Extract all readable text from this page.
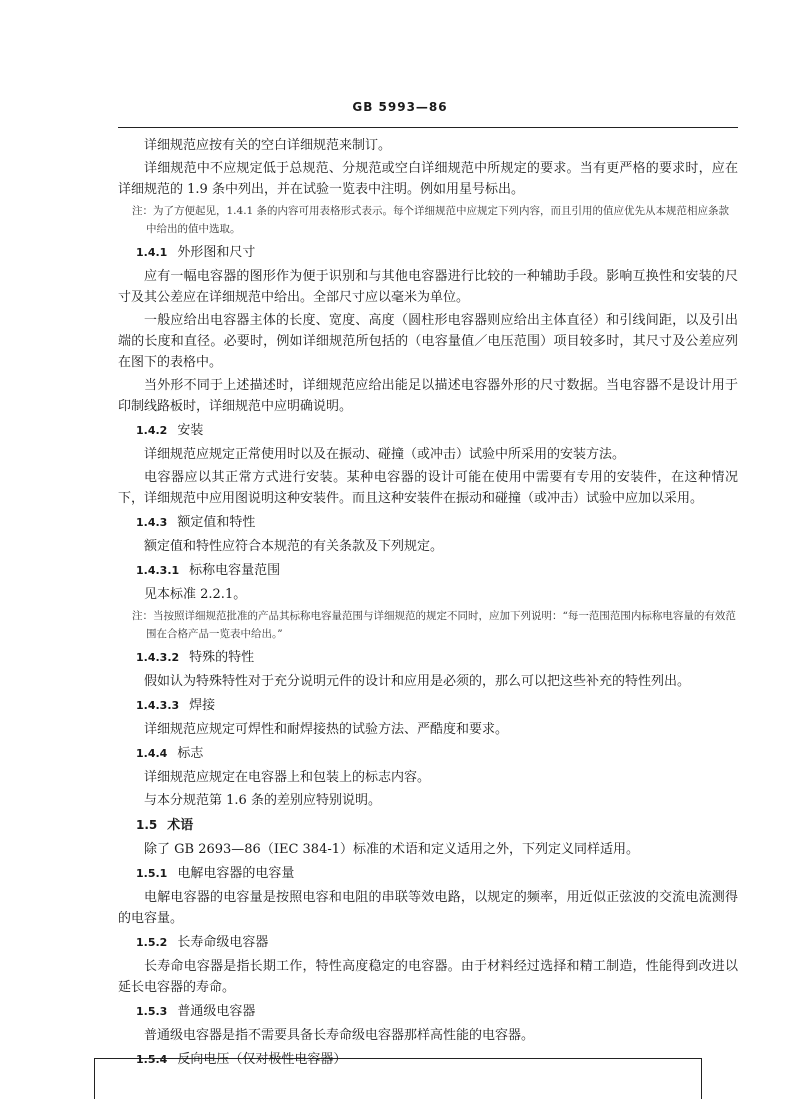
GB 5993—86

详细规范应按有关的空白详细规范来制订。

详细规范中不应规定低于总规范、分规范或空白详细规范中所规定的要求。当有更严格的要求时，应在详细规范的 1.9 条中列出，并在试验一览表中注明。例如用星号标出。

注：为了方便起见，1.4.1 条的内容可用表格形式表示。每个详细规范中应规定下列内容，而且引用的值应优先从本规范相应条款中给出的值中选取。

1.4.1 外形图和尺寸

应有一幅电容器的图形作为便于识别和与其他电容器进行比较的一种辅助手段。影响互换性和安装的尺寸及其公差应在详细规范中给出。全部尺寸应以毫米为单位。

一般应给出电容器主体的长度、宽度、高度（圆柱形电容器则应给出主体直径）和引线间距，以及引出端的长度和直径。必要时，例如详细规范所包括的（电容量值／电压范围）项目较多时，其尺寸及公差应列在图下的表格中。

当外形不同于上述描述时，详细规范应给出能足以描述电容器外形的尺寸数据。当电容器不是设计用于印制线路板时，详细规范中应明确说明。

1.4.2 安装

详细规范应规定正常使用时以及在振动、碰撞（或冲击）试验中所采用的安装方法。

电容器应以其正常方式进行安装。某种电容器的设计可能在使用中需要有专用的安装件，在这种情况下，详细规范中应用图说明这种安装件。而且这种安装件在振动和碰撞（或冲击）试验中应加以采用。

1.4.3 额定值和特性

额定值和特性应符合本规范的有关条款及下列规定。

1.4.3.1 标称电容量范围

见本标准 2.2.1。

注：当按照详细规范批准的产品其标称电容量范围与详细规范的规定不同时，应加下列说明：“每一范围范围内标称电容量的有效范围在合格产品一览表中给出。”

1.4.3.2 特殊的特性

假如认为特殊特性对于充分说明元件的设计和应用是必须的，那么可以把这些补充的特性列出。

1.4.3.3 焊接

详细规范应规定可焊性和耐焊接热的试验方法、严酷度和要求。

1.4.4 标志

详细规范应规定在电容器上和包装上的标志内容。

与本分规范第 1.6 条的差别应特别说明。

1.5 术语

除了 GB 2693—86（IEC 384-1）标准的术语和定义适用之外，下列定义同样适用。

1.5.1 电解电容器的电容量

电解电容器的电容量是按照电容和电阻的串联等效电路，以规定的频率，用近似正弦波的交流电流测得的电容量。

1.5.2 长寿命级电容器

长寿命电容器是指长期工作，特性高度稳定的电容器。由于材料经过选择和精工制造，性能得到改进以延长电容器的寿命。

1.5.3 普通级电容器

普通级电容器是指不需要具备长寿命级电容器那样高性能的电容器。

1.5.4 反向电压（仅对极性电容器）
